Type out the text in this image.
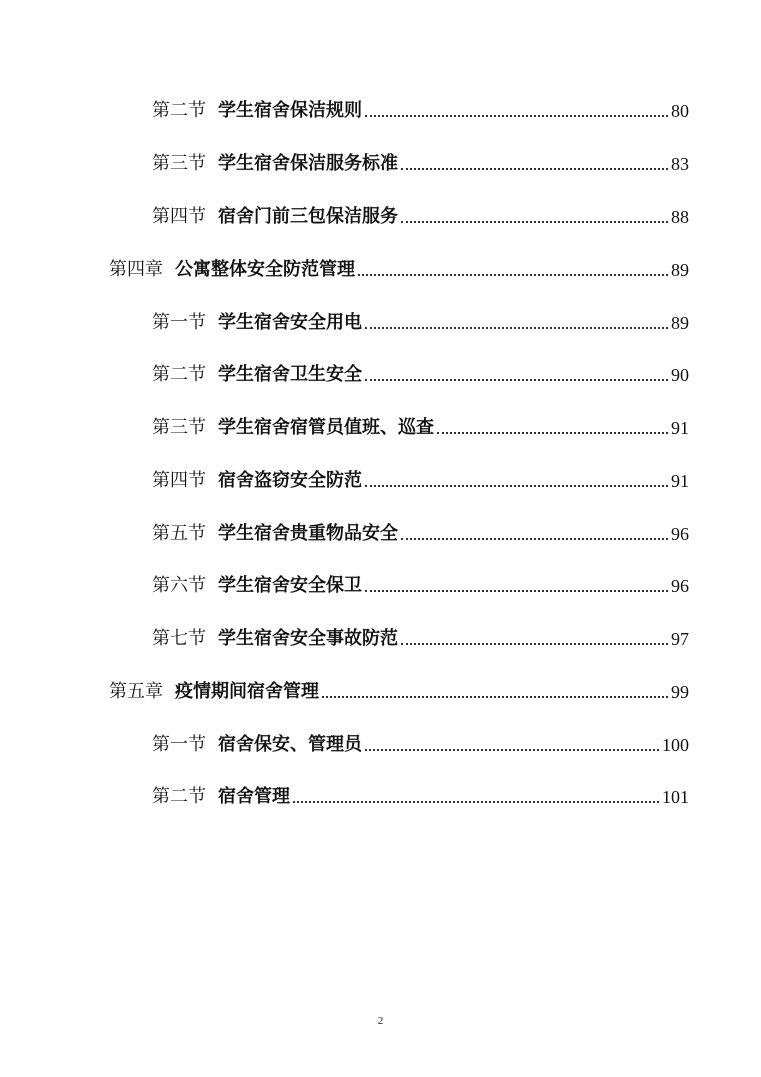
第二节 学生宿舍保洁规则	80
第三节 学生宿舍保洁服务标准	83
第四节 宿舍门前三包保洁服务	88
第四章 公寓整体安全防范管理	89
第一节 学生宿舍安全用电	89
第二节 学生宿舍卫生安全	90
第三节 学生宿舍宿管员值班、巡查	91
第四节 宿舍盗窃安全防范	91
第五节 学生宿舍贵重物品安全	96
第六节 学生宿舍安全保卫	96
第七节 学生宿舍安全事故防范	97
第五章 疫情期间宿舍管理	99
第一节 宿舍保安、管理员	100
第二节 宿舍管理	101
2
